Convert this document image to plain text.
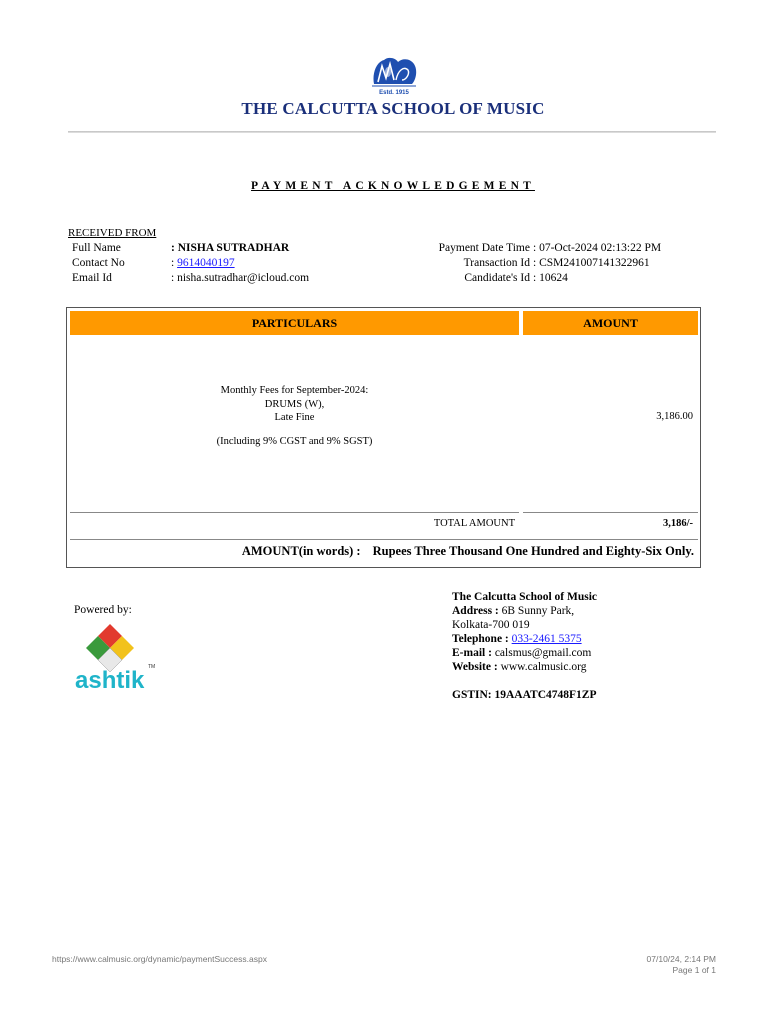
Estd. 1915
THE CALCUTTA SCHOOL OF MUSIC
PAYMENT ACKNOWLEDGEMENT
RECEIVED FROM
Full Name	: NISHA SUTRADHAR
Contact No	: 9614040197
Email Id	: nisha.sutradhar@icloud.com
Payment Date Time : 07-Oct-2024 02:13:22 PM
Transaction Id : CSM241007141322961
Candidate's Id : 10624
PARTICULARS	AMOUNT
Monthly Fees for September-2024:
DRUMS (W),
Late Fine
(Including 9% CGST and 9% SGST)
3,186.00
TOTAL AMOUNT	3,186/-
AMOUNT(in words) : Rupees Three Thousand One Hundred and Eighty-Six Only.
Powered by:
ashtik TM
The Calcutta School of Music
Address : 6B Sunny Park,
Kolkata-700 019
Telephone : 033-2461 5375
E-mail : calsmus@gmail.com
Website : www.calmusic.org
GSTIN: 19AAATC4748F1ZP
https://www.calmusic.org/dynamic/paymentSuccess.aspx	07/10/24, 2:14 PM
Page 1 of 1
